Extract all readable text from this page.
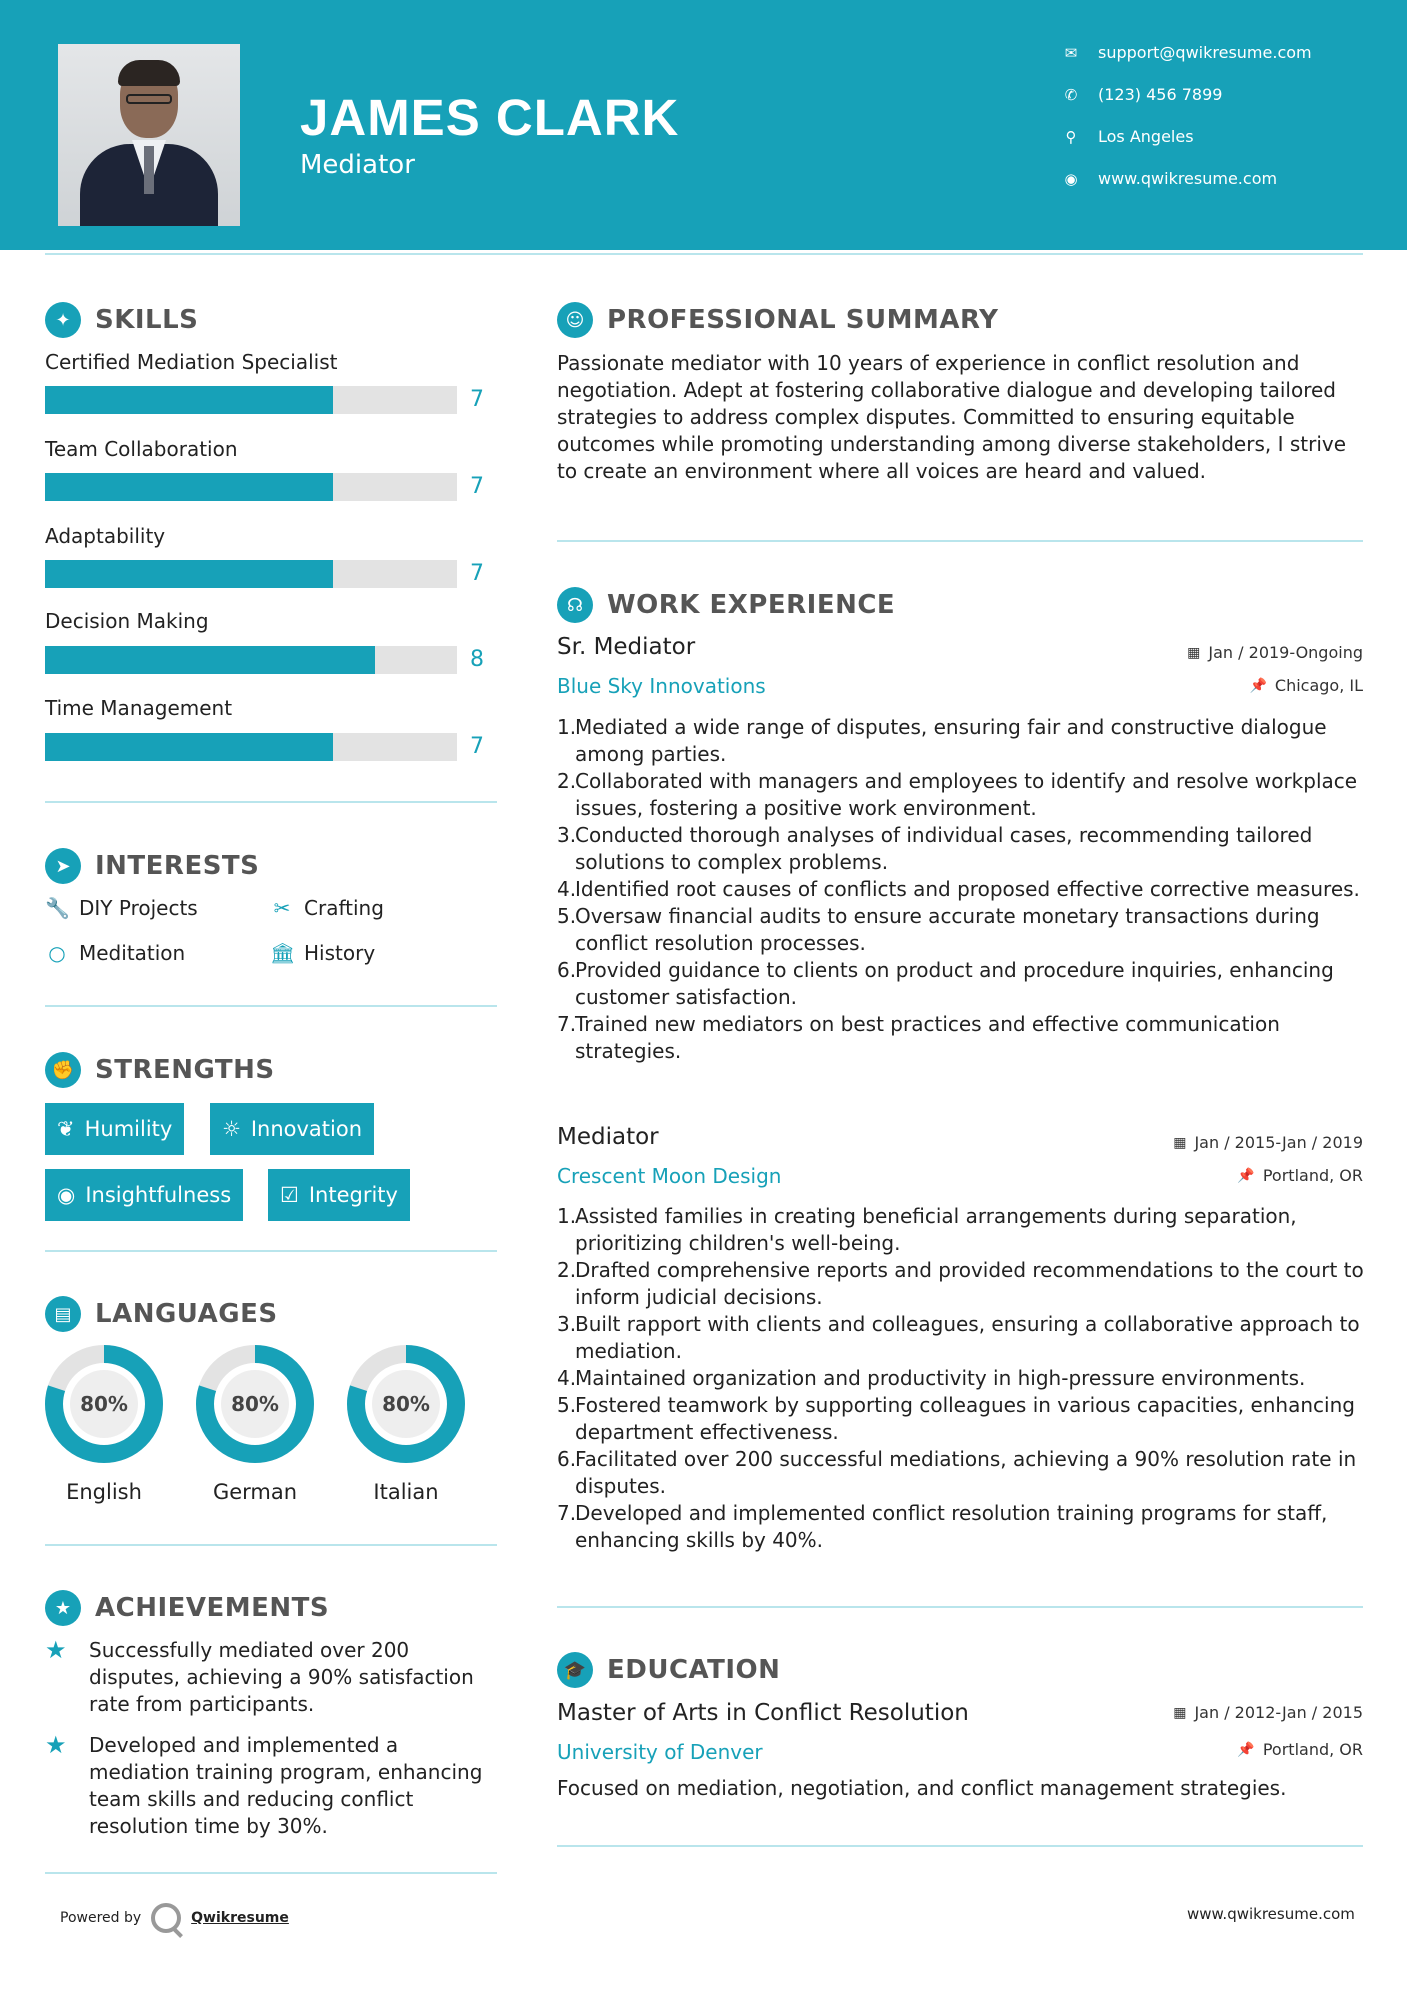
JAMES CLARK
Mediator
✉ support@qwikresume.com
✆ (123) 456 7899
⚲ Los Angeles
◉ www.qwikresume.com
✦ SKILLS
Certified Mediation Specialist
7
Team Collaboration
7
Adaptability
7
Decision Making
8
Time Management
7
➤ INTERESTS
🔧 DIY Projects	✂ Crafting
○ Meditation	🏛 History
✊ STRENGTHS
❦ Humility ☼ Innovation
◉ Insightfulness ☑ Integrity
▤ LANGUAGES
80%
English
80%
German
80%
Italian
★ ACHIEVEMENTS
★	Successfully mediated over 200 disputes, achieving a 90% satisfaction rate from participants.
★	Developed and implemented a mediation training program, enhancing team skills and reducing conflict resolution time by 30%.
☺ PROFESSIONAL SUMMARY
Passionate mediator with 10 years of experience in conflict resolution and negotiation. Adept at fostering collaborative dialogue and developing tailored strategies to address complex disputes. Committed to ensuring equitable outcomes while promoting understanding among diverse stakeholders, I strive to create an environment where all voices are heard and valued.
☊ WORK EXPERIENCE
Sr. Mediator	▦ Jan / 2019-Ongoing
Blue Sky Innovations	📌 Chicago, IL
1.
Mediated a wide range of disputes, ensuring fair and constructive dialogue among parties.
2.
Collaborated with managers and employees to identify and resolve workplace issues, fostering a positive work environment.
3.
Conducted thorough analyses of individual cases, recommending tailored solutions to complex problems.
4.
Identified root causes of conflicts and proposed effective corrective measures.
5.
Oversaw financial audits to ensure accurate monetary transactions during conflict resolution processes.
6.
Provided guidance to clients on product and procedure inquiries, enhancing customer satisfaction.
7.
Trained new mediators on best practices and effective communication strategies.
Mediator	▦ Jan / 2015-Jan / 2019
Crescent Moon Design	📌 Portland, OR
1.
Assisted families in creating beneficial arrangements during separation, prioritizing children's well-being.
2.
Drafted comprehensive reports and provided recommendations to the court to inform judicial decisions.
3.
Built rapport with clients and colleagues, ensuring a collaborative approach to mediation.
4.
Maintained organization and productivity in high-pressure environments.
5.
Fostered teamwork by supporting colleagues in various capacities, enhancing department effectiveness.
6.
Facilitated over 200 successful mediations, achieving a 90% resolution rate in disputes.
7.
Developed and implemented conflict resolution training programs for staff, enhancing skills by 40%.
🎓 EDUCATION
Master of Arts in Conflict Resolution	▦ Jan / 2012-Jan / 2015
University of Denver	📌 Portland, OR
Focused on mediation, negotiation, and conflict management strategies.
Powered by	Qwikresume	www.qwikresume.com
